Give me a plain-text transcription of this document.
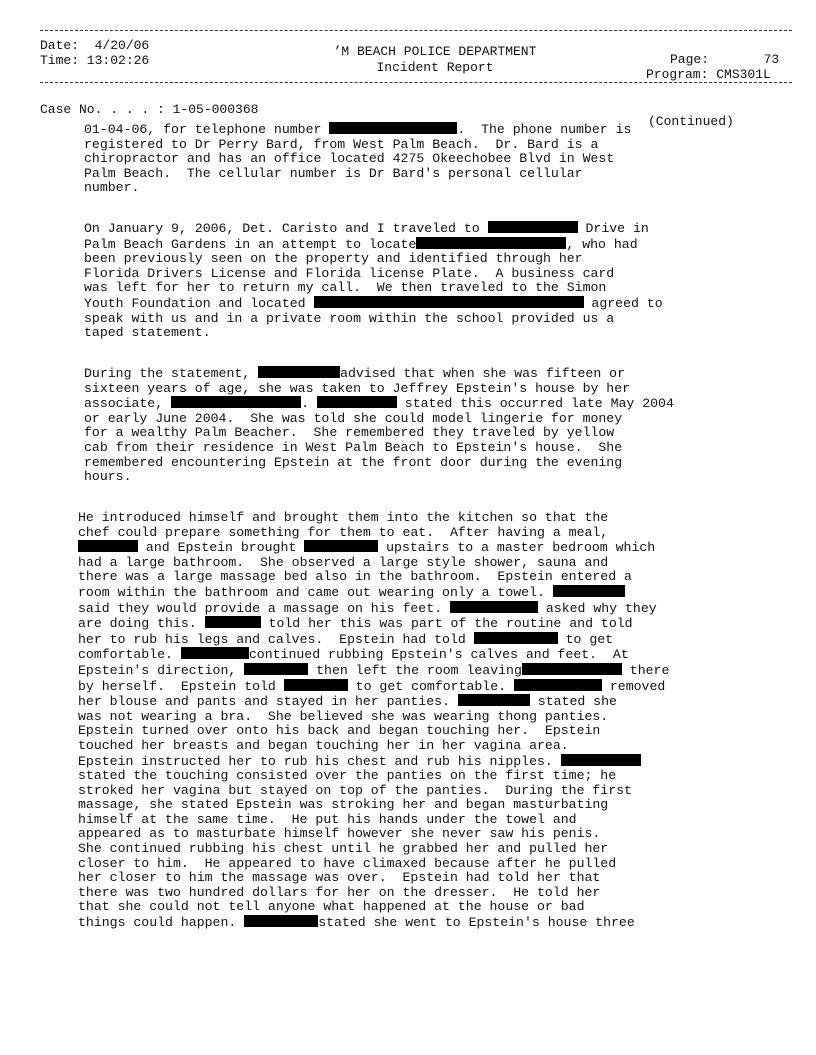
Date:  4/20/06
Time: 13:02:26
’M BEACH POLICE DEPARTMENT
Incident Report
Page:       73
Program: CMS301L
Case No. . . . : 1-05-000368
(Continued)
01-04-06, for telephone number	.  The phone number is
registered to Dr Perry Bard, from West Palm Beach.  Dr. Bard is a
chiropractor and has an office located 4275 Okeechobee Blvd in West
Palm Beach.  The cellular number is Dr Bard's personal cellular
number.
On January 9, 2006, Det. Caristo and I traveled to	Drive in
Palm Beach Gardens in an attempt to locate	, who had
been previously seen on the property and identified through her
Florida Drivers License and Florida license Plate.  A business card
was left for her to return my call.  We then traveled to the Simon
Youth Foundation and located	agreed to
speak with us and in a private room within the school provided us a
taped statement.
During the statement,	advised that when she was fifteen or
sixteen years of age, she was taken to Jeffrey Epstein's house by her
associate,	.	stated this occurred late May 2004
or early June 2004.  She was told she could model lingerie for money
for a wealthy Palm Beacher.  She remembered they traveled by yellow
cab from their residence in West Palm Beach to Epstein's house.  She
remembered encountering Epstein at the front door during the evening
hours.
He introduced himself and brought them into the kitchen so that the
chef could prepare something for them to eat.  After having a meal,
and Epstein brought	upstairs to a master bedroom which
had a large bathroom.  She observed a large style shower, sauna and
there was a large massage bed also in the bathroom.  Epstein entered a
room within the bathroom and came out wearing only a towel.
said they would provide a massage on his feet.	asked why they
are doing this.	told her this was part of the routine and told
her to rub his legs and calves.  Epstein had told	to get
comfortable.	continued rubbing Epstein's calves and feet.  At
Epstein's direction,	then left the room leaving	there
by herself.  Epstein told	to get comfortable.	removed
her blouse and pants and stayed in her panties.	stated she
was not wearing a bra.  She believed she was wearing thong panties.
Epstein turned over onto his back and began touching her.  Epstein
touched her breasts and began touching her in her vagina area.
Epstein instructed her to rub his chest and rub his nipples.
stated the touching consisted over the panties on the first time; he
stroked her vagina but stayed on top of the panties.  During the first
massage, she stated Epstein was stroking her and began masturbating
himself at the same time.  He put his hands under the towel and
appeared as to masturbate himself however she never saw his penis.
She continued rubbing his chest until he grabbed her and pulled her
closer to him.  He appeared to have climaxed because after he pulled
her closer to him the massage was over.  Epstein had told her that
there was two hundred dollars for her on the dresser.  He told her
that she could not tell anyone what happened at the house or bad
things could happen.	stated she went to Epstein's house three
